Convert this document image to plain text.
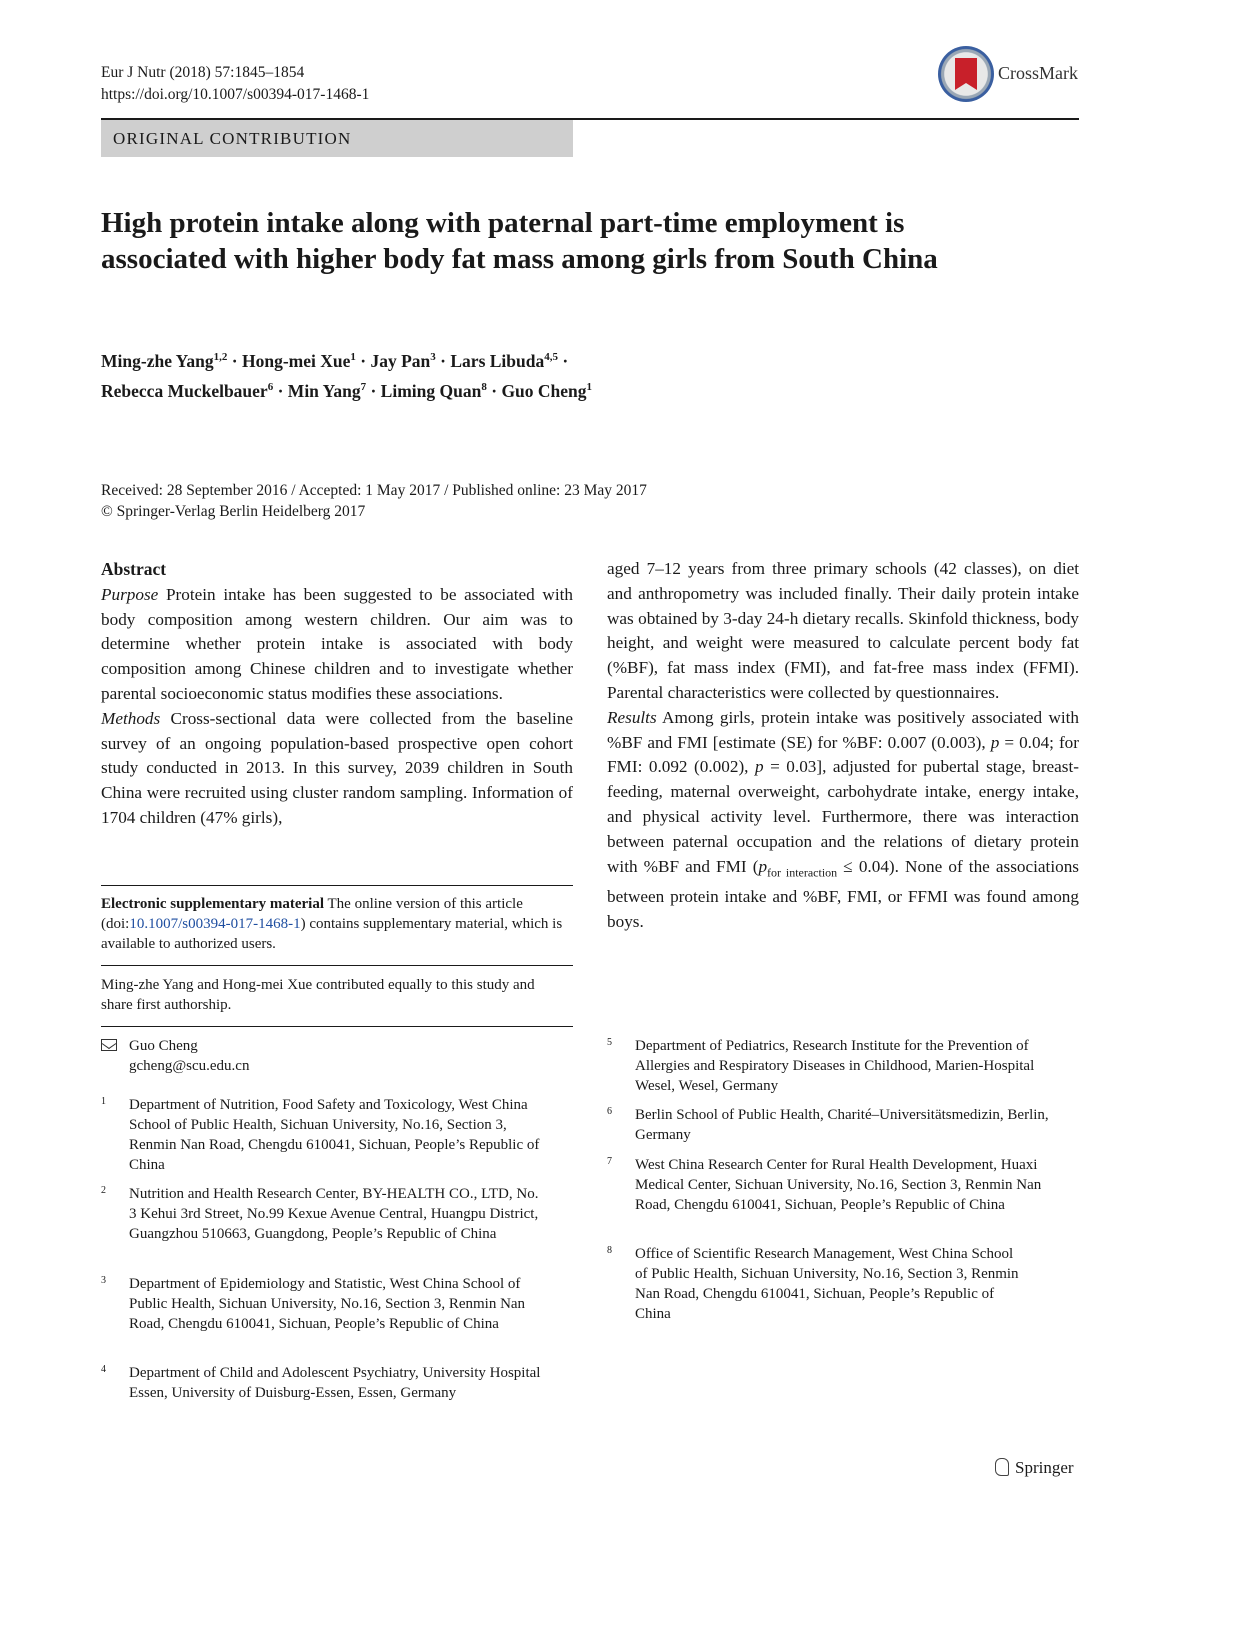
Eur J Nutr (2018) 57:1845–1854
https://doi.org/10.1007/s00394-017-1468-1
CrossMark
ORIGINAL CONTRIBUTION
High protein intake along with paternal part-time employment is associated with higher body fat mass among girls from South China
Ming-zhe Yang$^{1,2}$ · Hong-mei Xue$^1$ · Jay Pan$^3$ · Lars Libuda$^{4,5}$ ·
Rebecca Muckelbauer$^6$ · Min Yang$^7$ · Liming Quan$^8$ · Guo Cheng$^1$
Received: 28 September 2016 / Accepted: 1 May 2017 / Published online: 23 May 2017
© Springer-Verlag Berlin Heidelberg 2017

Abstract

Purpose Protein intake has been suggested to be associated with body composition among western children. Our aim was to determine whether protein intake is associated with body composition among Chinese children and to investigate whether parental socioeconomic status modifies these associations.

Methods Cross-sectional data were collected from the baseline survey of an ongoing population-based prospective open cohort study conducted in 2013. In this survey, 2039 children in South China were recruited using cluster random sampling. Information of 1704 children (47% girls),

aged 7–12 years from three primary schools (42 classes), on diet and anthropometry was included finally. Their daily protein intake was obtained by 3-day 24-h dietary recalls. Skinfold thickness, body height, and weight were measured to calculate percent body fat (%BF), fat mass index (FMI), and fat-free mass index (FFMI). Parental characteristics were collected by questionnaires.

Results Among girls, protein intake was positively associated with %BF and FMI [estimate (SE) for %BF: 0.007 (0.003), p = 0.04; for FMI: 0.092 (0.002), p = 0.03], adjusted for pubertal stage, breast-feeding, maternal overweight, carbohydrate intake, energy intake, and physical activity level. Furthermore, there was interaction between paternal occupation and the relations of dietary protein with %BF and FMI $(p_{for interaction} \le 0.04)$. None of the associations between protein intake and %BF, FMI, or FFMI was found among boys.

Electronic supplementary material The online version of this article (doi:10.1007/s00394-017-1468-1) contains supplementary material, which is available to authorized users.
Ming-zhe Yang and Hong-mei Xue contributed equally to this study and share first authorship.
Guo Cheng
gcheng@scu.edu.cn
1 Department of Nutrition, Food Safety and Toxicology, West China School of Public Health, Sichuan University, No.16, Section 3, Renmin Nan Road, Chengdu 610041, Sichuan, People’s Republic of China
2 Nutrition and Health Research Center, BY-HEALTH CO., LTD, No. 3 Kehui 3rd Street, No.99 Kexue Avenue Central, Huangpu District, Guangzhou 510663, Guangdong, People’s Republic of China
3 Department of Epidemiology and Statistic, West China School of Public Health, Sichuan University, No.16, Section 3, Renmin Nan Road, Chengdu 610041, Sichuan, People’s Republic of China
4 Department of Child and Adolescent Psychiatry, University Hospital Essen, University of Duisburg-Essen, Essen, Germany
5 Department of Pediatrics, Research Institute for the Prevention of Allergies and Respiratory Diseases in Childhood, Marien-Hospital Wesel, Wesel, Germany
6 Berlin School of Public Health, Charité–Universitätsmedizin, Berlin, Germany
7 West China Research Center for Rural Health Development, Huaxi Medical Center, Sichuan University, No.16, Section 3, Renmin Nan Road, Chengdu 610041, Sichuan, People’s Republic of China
8 Office of Scientific Research Management, West China School of Public Health, Sichuan University, No.16, Section 3, Renmin Nan Road, Chengdu 610041, Sichuan, People’s Republic of China
Springer
